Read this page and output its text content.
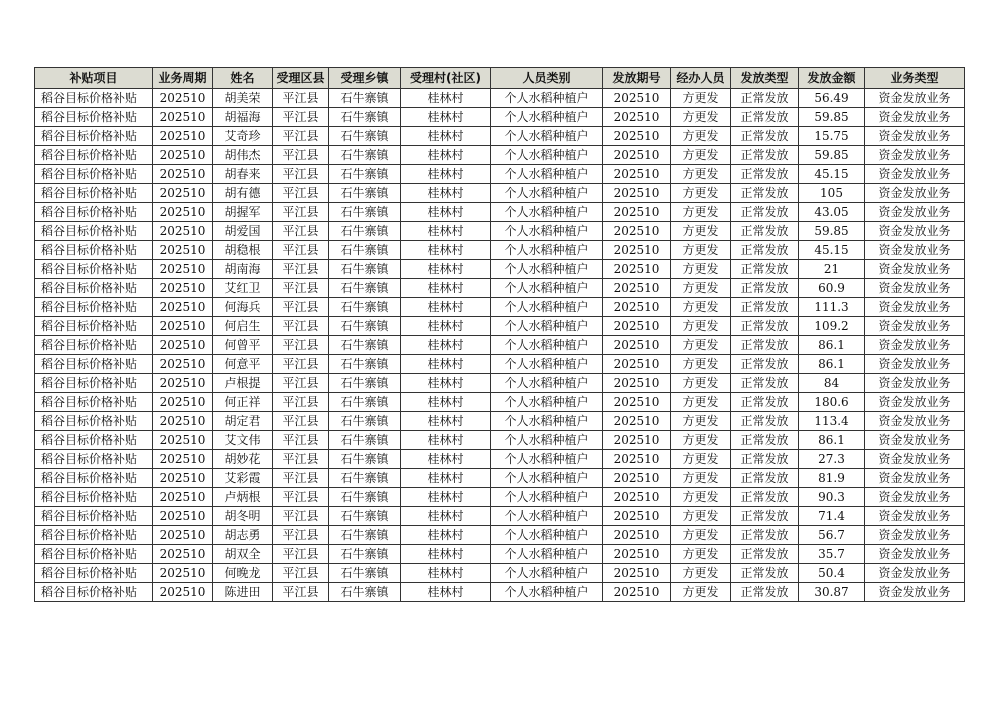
补贴项目	业务周期	姓名	受理区县	受理乡镇	受理村(社区)	人员类别	发放期号	经办人员	发放类型	发放金额	业务类型
稻谷目标价格补贴	202510	胡美荣	平江县	石牛寨镇	桂林村	个人水稻种植户	202510	方更发	正常发放	56.49	资金发放业务
稻谷目标价格补贴	202510	胡福海	平江县	石牛寨镇	桂林村	个人水稻种植户	202510	方更发	正常发放	59.85	资金发放业务
稻谷目标价格补贴	202510	艾奇珍	平江县	石牛寨镇	桂林村	个人水稻种植户	202510	方更发	正常发放	15.75	资金发放业务
稻谷目标价格补贴	202510	胡伟杰	平江县	石牛寨镇	桂林村	个人水稻种植户	202510	方更发	正常发放	59.85	资金发放业务
稻谷目标价格补贴	202510	胡春来	平江县	石牛寨镇	桂林村	个人水稻种植户	202510	方更发	正常发放	45.15	资金发放业务
稻谷目标价格补贴	202510	胡有德	平江县	石牛寨镇	桂林村	个人水稻种植户	202510	方更发	正常发放	105	资金发放业务
稻谷目标价格补贴	202510	胡握军	平江县	石牛寨镇	桂林村	个人水稻种植户	202510	方更发	正常发放	43.05	资金发放业务
稻谷目标价格补贴	202510	胡爱国	平江县	石牛寨镇	桂林村	个人水稻种植户	202510	方更发	正常发放	59.85	资金发放业务
稻谷目标价格补贴	202510	胡稳根	平江县	石牛寨镇	桂林村	个人水稻种植户	202510	方更发	正常发放	45.15	资金发放业务
稻谷目标价格补贴	202510	胡南海	平江县	石牛寨镇	桂林村	个人水稻种植户	202510	方更发	正常发放	21	资金发放业务
稻谷目标价格补贴	202510	艾红卫	平江县	石牛寨镇	桂林村	个人水稻种植户	202510	方更发	正常发放	60.9	资金发放业务
稻谷目标价格补贴	202510	何海兵	平江县	石牛寨镇	桂林村	个人水稻种植户	202510	方更发	正常发放	111.3	资金发放业务
稻谷目标价格补贴	202510	何启生	平江县	石牛寨镇	桂林村	个人水稻种植户	202510	方更发	正常发放	109.2	资金发放业务
稻谷目标价格补贴	202510	何曾平	平江县	石牛寨镇	桂林村	个人水稻种植户	202510	方更发	正常发放	86.1	资金发放业务
稻谷目标价格补贴	202510	何意平	平江县	石牛寨镇	桂林村	个人水稻种植户	202510	方更发	正常发放	86.1	资金发放业务
稻谷目标价格补贴	202510	卢根提	平江县	石牛寨镇	桂林村	个人水稻种植户	202510	方更发	正常发放	84	资金发放业务
稻谷目标价格补贴	202510	何正祥	平江县	石牛寨镇	桂林村	个人水稻种植户	202510	方更发	正常发放	180.6	资金发放业务
稻谷目标价格补贴	202510	胡定君	平江县	石牛寨镇	桂林村	个人水稻种植户	202510	方更发	正常发放	113.4	资金发放业务
稻谷目标价格补贴	202510	艾文伟	平江县	石牛寨镇	桂林村	个人水稻种植户	202510	方更发	正常发放	86.1	资金发放业务
稻谷目标价格补贴	202510	胡妙花	平江县	石牛寨镇	桂林村	个人水稻种植户	202510	方更发	正常发放	27.3	资金发放业务
稻谷目标价格补贴	202510	艾彩霞	平江县	石牛寨镇	桂林村	个人水稻种植户	202510	方更发	正常发放	81.9	资金发放业务
稻谷目标价格补贴	202510	卢炳根	平江县	石牛寨镇	桂林村	个人水稻种植户	202510	方更发	正常发放	90.3	资金发放业务
稻谷目标价格补贴	202510	胡冬明	平江县	石牛寨镇	桂林村	个人水稻种植户	202510	方更发	正常发放	71.4	资金发放业务
稻谷目标价格补贴	202510	胡志勇	平江县	石牛寨镇	桂林村	个人水稻种植户	202510	方更发	正常发放	56.7	资金发放业务
稻谷目标价格补贴	202510	胡双全	平江县	石牛寨镇	桂林村	个人水稻种植户	202510	方更发	正常发放	35.7	资金发放业务
稻谷目标价格补贴	202510	何晚龙	平江县	石牛寨镇	桂林村	个人水稻种植户	202510	方更发	正常发放	50.4	资金发放业务
稻谷目标价格补贴	202510	陈进田	平江县	石牛寨镇	桂林村	个人水稻种植户	202510	方更发	正常发放	30.87	资金发放业务
